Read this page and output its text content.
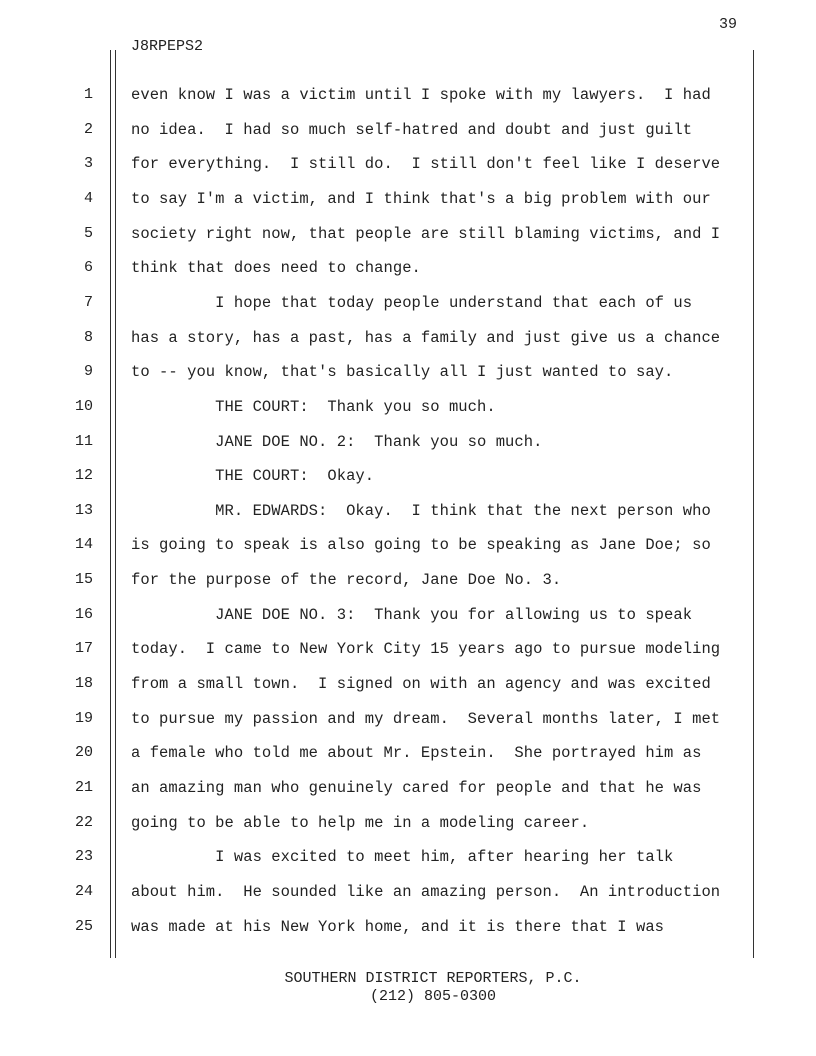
39
J8RPEPS2
1 even know I was a victim until I spoke with my lawyers.  I had
2 no idea.  I had so much self-hatred and doubt and just guilt
3 for everything.  I still do.  I still don't feel like I deserve
4 to say I'm a victim, and I think that's a big problem with our
5 society right now, that people are still blaming victims, and I
6 think that does need to change.
7 I hope that today people understand that each of us
8 has a story, has a past, has a family and just give us a chance
9 to -- you know, that's basically all I just wanted to say.
10 THE COURT:  Thank you so much.
11 JANE DOE NO. 2:  Thank you so much.
12 THE COURT:  Okay.
13 MR. EDWARDS:  Okay.  I think that the next person who
14 is going to speak is also going to be speaking as Jane Doe; so
15 for the purpose of the record, Jane Doe No. 3.
16 JANE DOE NO. 3:  Thank you for allowing us to speak
17 today.  I came to New York City 15 years ago to pursue modeling
18 from a small town.  I signed on with an agency and was excited
19 to pursue my passion and my dream.  Several months later, I met
20 a female who told me about Mr. Epstein.  She portrayed him as
21 an amazing man who genuinely cared for people and that he was
22 going to be able to help me in a modeling career.
23 I was excited to meet him, after hearing her talk
24 about him.  He sounded like an amazing person.  An introduction
25 was made at his New York home, and it is there that I was
SOUTHERN DISTRICT REPORTERS, P.C.
(212) 805-0300
